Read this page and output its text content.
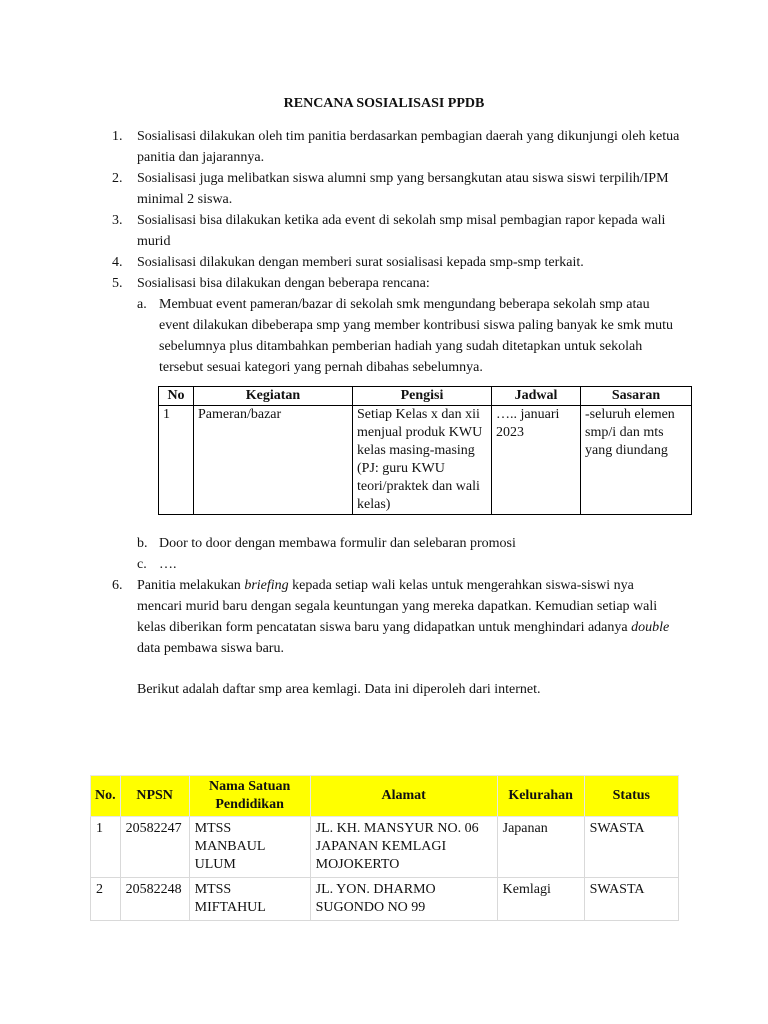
RENCANA SOSIALISASI PPDB
1. Sosialisasi dilakukan oleh tim panitia berdasarkan pembagian daerah yang dikunjungi oleh ketua panitia dan jajarannya.
2. Sosialisasi juga melibatkan siswa alumni smp yang bersangkutan atau siswa siswi terpilih/IPM minimal 2 siswa.
3. Sosialisasi bisa dilakukan ketika ada event di sekolah smp misal pembagian rapor kepada wali murid
4. Sosialisasi dilakukan dengan memberi surat sosialisasi kepada smp-smp terkait.
5. Sosialisasi bisa dilakukan dengan beberapa rencana:
a. Membuat event pameran/bazar di sekolah smk mengundang beberapa sekolah smp atau event dilakukan dibeberapa smp yang member kontribusi siswa paling banyak ke smk mutu sebelumnya plus ditambahkan pemberian hadiah yang sudah ditetapkan untuk sekolah tersebut sesuai kategori yang pernah dibahas sebelumnya.
No	Kegiatan	Pengisi	Jadwal	Sasaran
1	Pameran/bazar	Setiap Kelas x dan xii menjual produk KWU kelas masing-masing (PJ: guru KWU teori/praktek dan wali kelas)	….. januari 2023	-seluruh elemen smp/i dan mts yang diundang
b. Door to door dengan membawa formulir dan selebaran promosi
c. ….
6. Panitia melakukan briefing kepada setiap wali kelas untuk mengerahkan siswa-siswi nya mencari murid baru dengan segala keuntungan yang mereka dapatkan. Kemudian setiap wali kelas diberikan form pencatatan siswa baru yang didapatkan untuk menghindari adanya double data pembawa siswa baru.
Berikut adalah daftar smp area kemlagi. Data ini diperoleh dari internet.
No.	NPSN	Nama Satuan Pendidikan	Alamat	Kelurahan	Status
1	20582247	MTSS MANBAUL ULUM	JL. KH. MANSYUR NO. 06 JAPANAN KEMLAGI MOJOKERTO	Japanan	SWASTA
2	20582248	MTSS MIFTAHUL	JL. YON. DHARMO SUGONDO NO 99	Kemlagi	SWASTA
